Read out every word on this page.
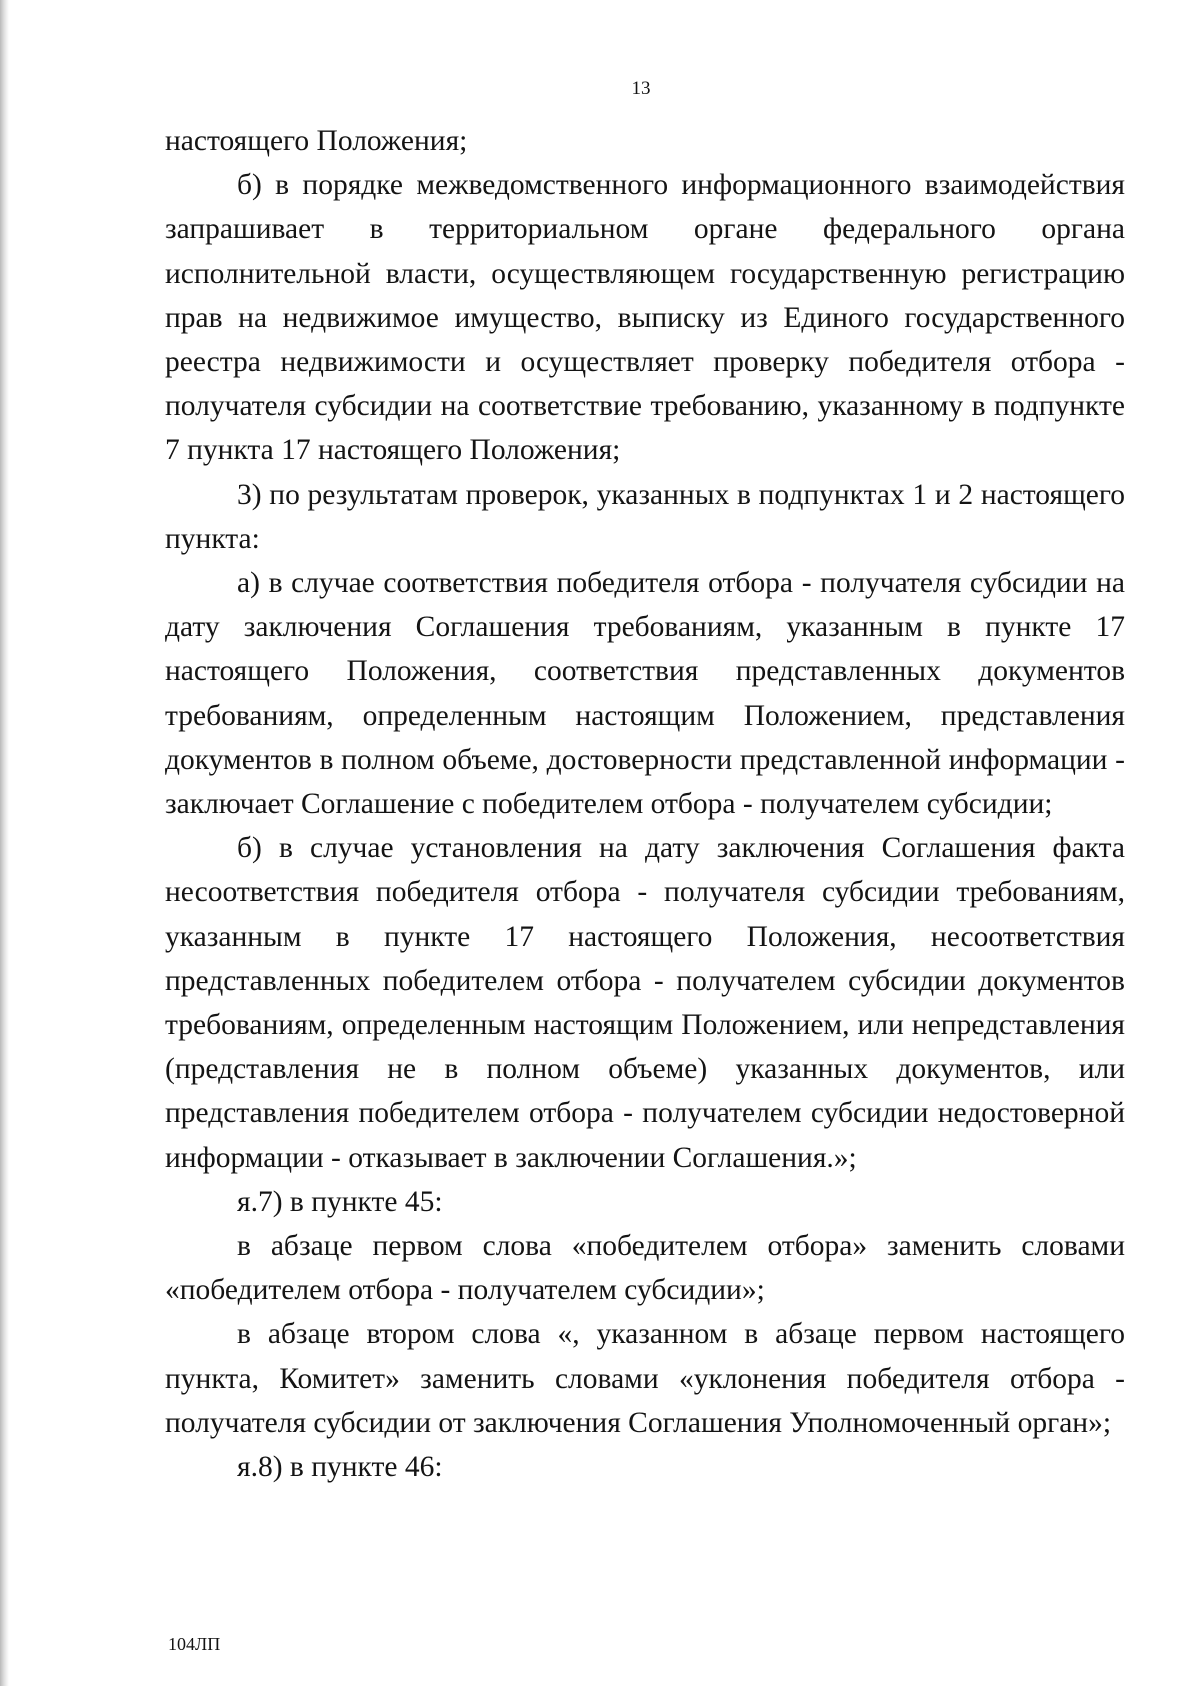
13

настоящего Положения;

б) в порядке межведомственного информационного взаимодействия запрашивает в территориальном органе федерального органа исполнительной власти, осуществляющем государственную регистрацию прав на недвижимое имущество, выписку из Единого государственного реестра недвижимости и осуществляет проверку победителя отбора - получателя субсидии на соответствие требованию, указанному в подпункте 7 пункта 17 настоящего Положения;

3) по результатам проверок, указанных в подпунктах 1 и 2 настоящего пункта:

а) в случае соответствия победителя отбора - получателя субсидии на дату заключения Соглашения требованиям, указанным в пункте 17 настоящего Положения, соответствия представленных документов требованиям, определенным настоящим Положением, представления документов в полном объеме, достоверности представленной информации - заключает Соглашение с победителем отбора - получателем субсидии;

б) в случае установления на дату заключения Соглашения факта несоответствия победителя отбора - получателя субсидии требованиям, указанным в пункте 17 настоящего Положения, несоответствия представленных победителем отбора - получателем субсидии документов требованиям, определенным настоящим Положением, или непредставления (представления не в полном объеме) указанных документов, или представления победителем отбора - получателем субсидии недостоверной информации - отказывает в заключении Соглашения.»;

я.7) в пункте 45:

в абзаце первом слова «победителем отбора» заменить словами «победителем отбора - получателем субсидии»;

в абзаце втором слова «, указанном в абзаце первом настоящего пункта, Комитет» заменить словами «уклонения победителя отбора - получателя субсидии от заключения Соглашения Уполномоченный орган»;

я.8) в пункте 46:

104ЛП
